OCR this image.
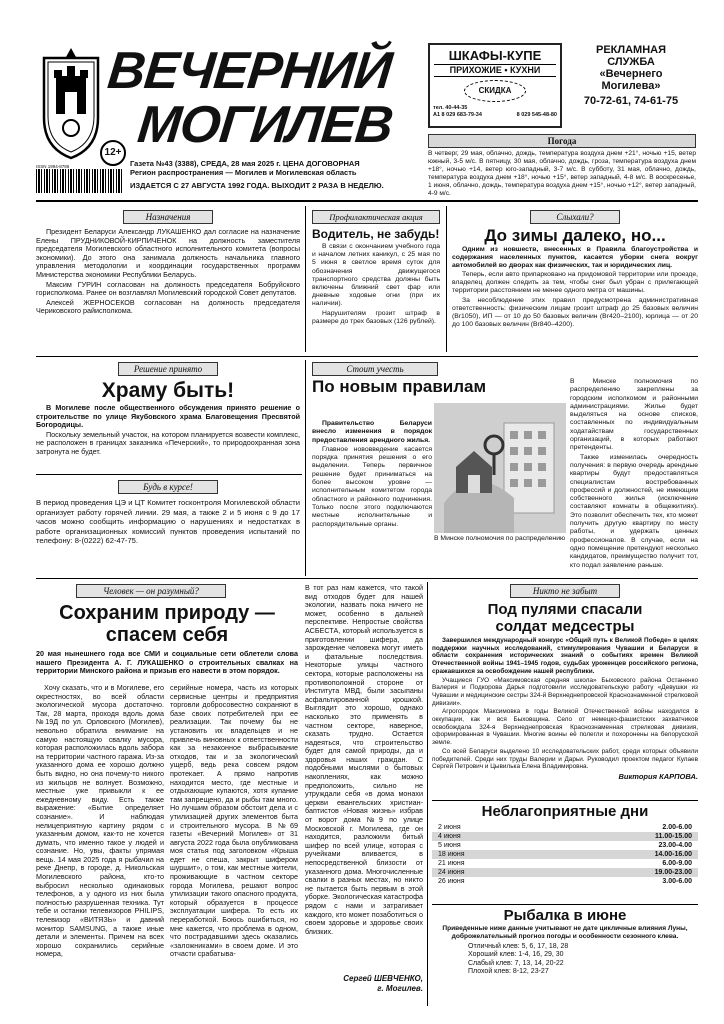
ВЕЧЕРНИЙ
МОГИЛЕВ
12+
ISSN 1994-8786	Газета №43 (3388), СРЕДА, 28 мая 2025 г. ЦЕНА ДОГОВОРНАЯ
Регион распространения — Могилев и Могилевская область
ИЗДАЕТСЯ С 27 АВГУСТА 1992 ГОДА. ВЫХОДИТ 2 РАЗА В НЕДЕЛЮ.
ШКАФЫ-КУПЕ
ПРИХОЖИЕ • КУХНИ
СКИДКА
тел. 40-44-35
А1 8 029 683-79-34	8 029 545-48-80
РЕКЛАМНАЯ
СЛУЖБА
«Вечернего
Могилева»
70-72-61, 74-61-75
Погода
В четверг, 29 мая, облачно, дождь, температура воздуха днем +21°, ночью +15, ветер южный, 3-5 м/с. В пятницу, 30 мая, облачно, дождь, гроза, температура воздуха днем +18°, ночью +14, ветер юго-западный, 3-7 м/с. В субботу, 31 мая, облачно, дождь, температура воздуха днем +18°, ночью +15°, ветер западный, 4-8 м/с. В воскресенье, 1 июня, облачно, дождь, температура воздуха днем +15°, ночью +12°, ветер западный, 4-9 м/с.
Назначения

Президент Беларуси Александр ЛУКАШЕНКО дал согласие на назначение Елены ПРУДНИКОВОЙ-КИРПИЧЕНОК на должность заместителя председателя Могилевского областного исполнительного комитета (вопросы экономики). До этого она занимала должность начальника главного управления методологии и координации государственных программ Министерства экономики Республики Беларусь.

Максим ГУРИН согласован на должность председателя Бобруйского горисполкома. Ранее он возглавлял Могилевский городской Совет депутатов.

Алексей ЖЕРНОСЕКОВ согласован на должность председателя Чериковского райисполкома.

Профилактическая акция
Водитель, не забудь!

В связи с окончанием учебного года и началом летних каникул, с 25 мая по 5 июня в светлое время суток для обозначения движущегося транспортного средства должны быть включены ближний свет фар или дневные ходовые огни (при их наличии).

Нарушителям грозит штраф в размере до трех базовых (126 рублей).

Слыхали?
До зимы далеко, но...

Одним из новшеств, внесенных в Правила благоустройства и содержания населенных пунктов, касается уборки снега вокруг автомобилей во дворах как физических, так и юридических лиц.

Теперь, если авто припарковано на придомовой территории или проезде, владелец должен следить за тем, чтобы снег был убран с прилегающей территории расстоянием не менее одного метра от машины.

За несоблюдение этих правил предусмотрена административная ответственность: физическим лицам грозит штраф до 25 базовых величин (Br1050), ИП — от 10 до 50 базовых величин (Br420–2100), юрлица — от 20 до 100 базовых величин (Br840–4200).

Решение принято
Храму быть!

В Могилеве после общественного обсуждения принято решение о строительстве по улице Якубовского храма Благовещения Пресвятой Богородицы.

Поскольку земельный участок, на котором планируется возвести комплекс, не расположен в границах заказника «Печерский», то природоохранная зона затронута не будет.

Будь в курсе!
В период проведения ЦЭ и ЦТ Комитет госконтроля Могилевской области организует работу горячей линии. 29 мая, а также 2 и 5 июня с 9 до 17 часов можно сообщить информацию о нарушениях и недостатках в работе организационных комиссий пунктов проведения испытаний по телефону: 8-(0222) 62-47-75.
Стоит учесть
По новым правилам

Правительство Беларуси внесло изменения в порядок предоставления арендного жилья.

Главное нововведение касается порядка принятия решения о его выделении. Теперь первичное решение будет приниматься на более высоком уровне — исполнительным комитетом города областного и районного подчинения. Только после этого подключаются местные исполнительные и распорядительные органы.

В Минске полномочия по распределению

В Минске полномочия по распределению закреплены за городским исполкомом и районными администрациями. Жилье будет выделяться на основе списков, составленных по индивидуальным ходатайствам государственных организаций, в которых работают претенденты.

Также изменилась очередность получения: в первую очередь арендные квартиры будут предоставляться специалистам востребованных профессий и должностей, не имеющим собственного жилья (исключение составляют комнаты в общежитиях). Это позволит обеспечить тех, кто может получить другую квартиру по месту работы, и удержать ценных профессионалов. В случае, если на одно помещение претендуют несколько кандидатов, преимущество получит тот, кто подал заявление раньше.

Человек — он разумный?
Сохраним природу —
спасем себя
20 мая нынешнего года все СМИ и социальные сети облетели слова нашего Президента А. Г. ЛУКАШЕНКО о строительных свалках на территории Минского района и призыв его навести в этом порядок.
Хочу сказать, что и в Могилеве, его окрестностях, во всей области экологической мусора достаточно. Так, 28 марта, проходя вдоль дома №19Д по ул. Орловского (Могилев), невольно обратила внимание на самую настоящую свалку мусора, которая расположилась вдоль забора на территории частного гаража. Из-за указанного дома ее хорошо должно быть видно, но она почему-то никого из жильцов не волнует. Возможно, местные уже привыкли к ее ежедневному виду. Есть также выражение: «Бытие определяет сознание». И наблюдая нелицеприятную картину рядом с указанным домом, как-то не хочется думать, что именно такое у людей и сознание. Но, увы, факты упрямая вещь. 14 мая 2025 года я рыбачил на реке Днепр, в городе, д. Никольская Могилевского района, кто-то выбросил несколько одинаковых телефонов, а у одного из них была полностью разрушенная техника. Тут тебе и останки телевизоров PHILIPS, телевизор «ВИТЯЗЬ» и давний монитор SAMSUNG, а также иные детали и элементы. Причем на всех хорошо сохранились серийные номера,
серийные номера, часть из которых сервисные центры и предприятия торговли добросовестно сохраняют в базе своих потребителей при ее реализации. Так почему бы не установить их владельцев и не привлечь виновных к ответственности как за незаконное выбрасывание отходов, так и за экологический ущерб, ведь река совсем рядом протекает. А прямо напротив находится место, где местные и отдыхающие купаются, хотя купание там запрещено, да и рыбы там много. Но лучшим образом обстоит дела и с утилизацией других элементов быта и строительного мусора. В №69 газеты «Вечерний Могилев» от 31 августа 2022 года была опубликована моя статья под заголовком «Крыша едет не спеша, закрыт шифером шуршит», о том, как местные жители, проживающие в частном секторе города Могилева, решают вопрос утилизации такого опасного продукта, который образуется в процессе эксплуатации шифера. То есть их переработкой. Боюсь ошибиться, но мне кажется, что проблема в одном, что пострадавшими здесь оказались «заложниками» в своем доме. И это отчасти срабатыва-
В тот раз нам кажется, что такой вид отходов будет для нашей экологии, назвать пока ничего не может, особенно в дальней перспективе. Непростые свойства АСБЕСТА, который используется в приготовлении шифера, да зарождение человека могут иметь и фатальные последствия. Некоторые улицы частного сектора, которые расположены на противоположной стороне от Института МВД, были засыпаны асфальтированной крошкой. Выглядит это хорошо, однако насколько это применять в частном секторе, наверное, сказать трудно. Остается надеяться, что строительство будет для самой природы, да и здоровья наших граждан. С подобными мыслями о бытовых накоплениях, как можно предположить, сильно не утруждали себя «в дома монахи церкви евангельских христиан-баптистов «Новая жизнь» избрав от ворот дома №9 по улице Московской г. Могилева, где он находится, разложили битый шифер по всей улице, которая с ручейками вливается, в непосредственной близости от указанного дома. Многочисленные свалки в разных местах, но никто не пытается быть первым в этой уборке. Экологическая катастрофа рядом с нами и затрагивает каждого, кто может позаботиться о своем здоровье и здоровье своих близких.
Сергей ШЕВЧЕНКО,
г. Могилев.
Никто не забыт
Под пулями спасали
солдат медсестры

Завершился международный конкурс «Общий путь к Великой Победе» в целях поддержки научных исследований, стимулирования Чувашии и Беларуси в области сохранения исторических знаний о событиях времен Великой Отечественной войны 1941–1945 годов, судьбах уроженцев российского региона, сражавшихся за освобождение нашей республики.

Учащиеся ГУО «Максимовская средняя школа» Быховского района Останенко Валерия и Подкорова Дарья подготовили исследовательскую работу «Девушки из Чувашии и медицинские сестры 324-й Верхнеднепровской Краснознаменной стрелковой дивизии».

Агрогородок Максимовка в годы Великой Отечественной войны находился в оккупации, как и вся Быховщина. Село от немецко-фашистских захватчиков освобождала 324-я Верхнеднепровская Краснознаменная стрелковая дивизия, сформированная в Чувашии. Многие воины её полегли и похоронены на белорусской земле.

Со всей Беларуси выделено 10 исследовательских работ, среди которых объявили победителей. Среди них труды Валерии и Дарьи. Руководил проектом педагог Кулаев Сергей Петрович и Цывилька Елена Владимировна.

Виктория КАРПОВА.
Неблагоприятные дни
2 июня	2.00-6.00
4 июня	11.00-15.00
5 июня	23.00-4.00
18 июня	14.00-16.00
21 июня	6.00-9.00
24 июня	19.00-23.00
26 июня	3.00-6.00
Рыбалка в июне
Приведенные ниже данные учитывают не дате цикличные влияния Луны, доброжелательный прогноз погоды и особенности сезонного клева.
Отличный клев: 5, 6, 17, 18, 28
Хороший клев: 1-4, 16, 29, 30
Слабый клев: 7, 13, 14, 20-22
Плохой клев: 8-12, 23-27
